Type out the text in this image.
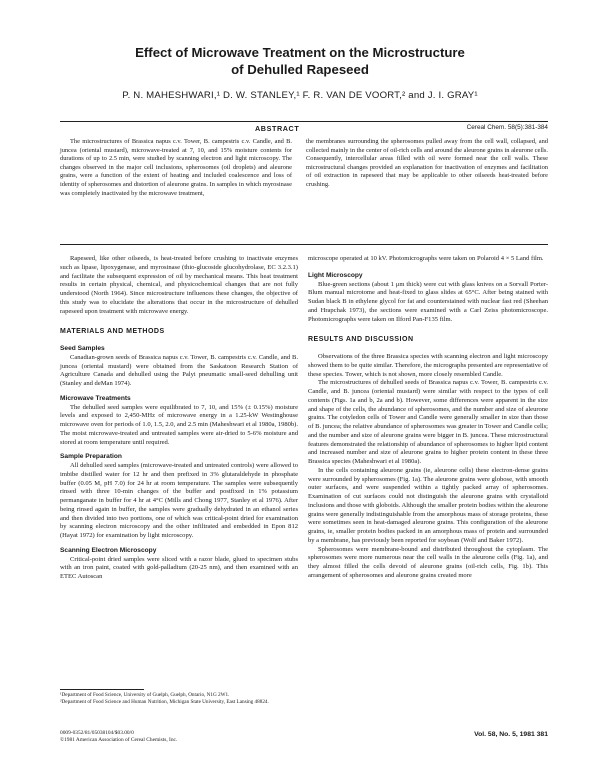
Effect of Microwave Treatment on the Microstructure
of Dehulled Rapeseed

P. N. MAHESHWARI,¹ D. W. STANLEY,¹ F. R. VAN DE VOORT,² and J. I. GRAY¹

ABSTRACT	Cereal Chem. 58(5):381-384

The microstructures of Brassica napus c.v. Tower, B. campestris c.v. Candle, and B. juncea (oriental mustard), microwave-treated at 7, 10, and 15% moisture contents for durations of up to 2.5 min, were studied by scanning electron and light microscopy. The changes observed in the major cell inclusions, spherosomes (oil droplets) and aleurone grains, were a function of the extent of heating and included coalescence and loss of identity of spherosomes and distortion of aleurone grains. In samples in which myrosinase was completely inactivated by the microwave treatment,

the membranes surrounding the spherosomes pulled away from the cell wall, collapsed, and collected mainly in the center of oil-rich cells and around the aleurone grains in aleurone cells. Consequently, intercellular areas filled with oil were formed near the cell walls. These microstructural changes provided an explanation for inactivation of enzymes and facilitation of oil extraction in rapeseed that may be applicable to other oilseeds heat-treated before crushing.

Rapeseed, like other oilseeds, is heat-treated before crushing to inactivate enzymes such as lipase, lipoxygenase, and myrosinase (thio-glucoside glucohydrolase, EC 3.2.3.1) and facilitate the subsequent expression of oil by mechanical means. This heat treatment results in certain physical, chemical, and physicochemical changes that are not fully understood (North 1964). Since microstructure influences these changes, the objective of this study was to elucidate the alterations that occur in the microstructure of dehulled rapeseed upon treatment with microwave energy.

MATERIALS AND METHODS

Seed Samples

Canadian-grown seeds of Brassica napus c.v. Tower, B. campestris c.v. Candle, and B. juncea (oriental mustard) were obtained from the Saskatoon Research Station of Agriculture Canada and dehulled using the Palyi pneumatic small-seed dehulling unit (Stanley and deMan 1974).

Microwave Treatments

The dehulled seed samples were equilibrated to 7, 10, and 15% (± 0.15%) moisture levels and exposed to 2,450-MHz of microwave energy in a 1.25-kW Westinghouse microwave oven for periods of 1.0, 1.5, 2.0, and 2.5 min (Maheshwari et al 1980a, 1980b). The moist microwave-treated and untreated samples were air-dried to 5-6% moisture and stored at room temperature until required.

Sample Preparation

All dehulled seed samples (microwave-treated and untreated controls) were allowed to imbibe distilled water for 12 hr and then prefixed in 3% glutaraldehyde in phosphate buffer (0.05 M, pH 7.0) for 24 hr at room temperature. The samples were subsequently rinsed with three 10-min changes of the buffer and postfixed in 1% potassium permanganate in buffer for 4 hr at 4°C (Mills and Chong 1977, Stanley et al 1976). After being rinsed again in buffer, the samples were gradually dehydrated in an ethanol series and then divided into two portions, one of which was critical-point dried for examination by scanning electron microscopy and the other infiltrated and embedded in Epon 812 (Hayat 1972) for examination by light microscopy.

Scanning Electron Microscopy

Critical-point dried samples were sliced with a razor blade, glued to specimen stubs with an iron paint, coated with gold-palladium (20-25 nm), and then examined with an ETEC Autoscan

¹Department of Food Science, University of Guelph, Guelph, Ontario, N1G 2W1.

²Department of Food Science and Human Nutrition, Michigan State University, East Lansing 48824.

0009-0352/81/05038104/$03.00/0

©1981 American Association of Cereal Chemists, Inc.

microscope operated at 10 kV. Photomicrographs were taken on Polaroid 4 × 5 Land film.

Light Microscopy

Blue-green sections (about 1 μm thick) were cut with glass knives on a Sorvall Porter-Blum manual microtome and heat-fixed to glass slides at 65°C. After being stained with Sudan black B in ethylene glycol for fat and counterstained with nuclear fast red (Sheehan and Hrapchak 1973), the sections were examined with a Carl Zeiss photomicroscope. Photomicrographs were taken on Ilford Pan-F135 film.

RESULTS AND DISCUSSION

Observations of the three Brassica species with scanning electron and light microscopy showed them to be quite similar. Therefore, the micrographs presented are representative of these species. Tower, which is not shown, more closely resembled Candle.

The microstructures of dehulled seeds of Brassica napus c.v. Tower, B. campestris c.v. Candle, and B. juncea (oriental mustard) were similar with respect to the types of cell contents (Figs. 1a and b, 2a and b). However, some differences were apparent in the size and shape of the cells, the abundance of spherosomes, and the number and size of aleurone grains. The cotyledon cells of Tower and Candle were generally smaller in size than those of B. juncea; the relative abundance of spherosomes was greater in Tower and Candle cells; and the number and size of aleurone grains were bigger in B. juncea. These microstructural features demonstrated the relationship of abundance of spherosomes to higher lipid content and increased number and size of aleurone grains to higher protein content in these three Brassica species (Maheshwari et al 1980a).

In the cells containing aleurone grains (ie, aleurone cells) these electron-dense grains were surrounded by spherosomes (Fig. 1a). The aleurone grains were globose, with smooth outer surfaces, and were suspended within a tightly packed array of spherosomes. Examination of cut surfaces could not distinguish the aleurone grains with crystalloid inclusions and those with globoids. Although the smaller protein bodies within the aleurone grains were generally indistinguishable from the amorphous mass of storage proteins, these were sometimes seen in heat-damaged aleurone grains. This configuration of the aleurone grains, ie, smaller protein bodies packed in an amorphous mass of protein and surrounded by a membrane, has previously been reported for soybean (Wolf and Baker 1972).

Spherosomes were membrane-bound and distributed throughout the cytoplasm. The spherosomes were more numerous near the cell walls in the aleurone cells (Fig. 1a), and they almost filled the cells devoid of aleurone grains (oil-rich cells, Fig. 1b). This arrangement of spherosomes and aleurone grains created more

Vol. 58, No. 5, 1981 381
